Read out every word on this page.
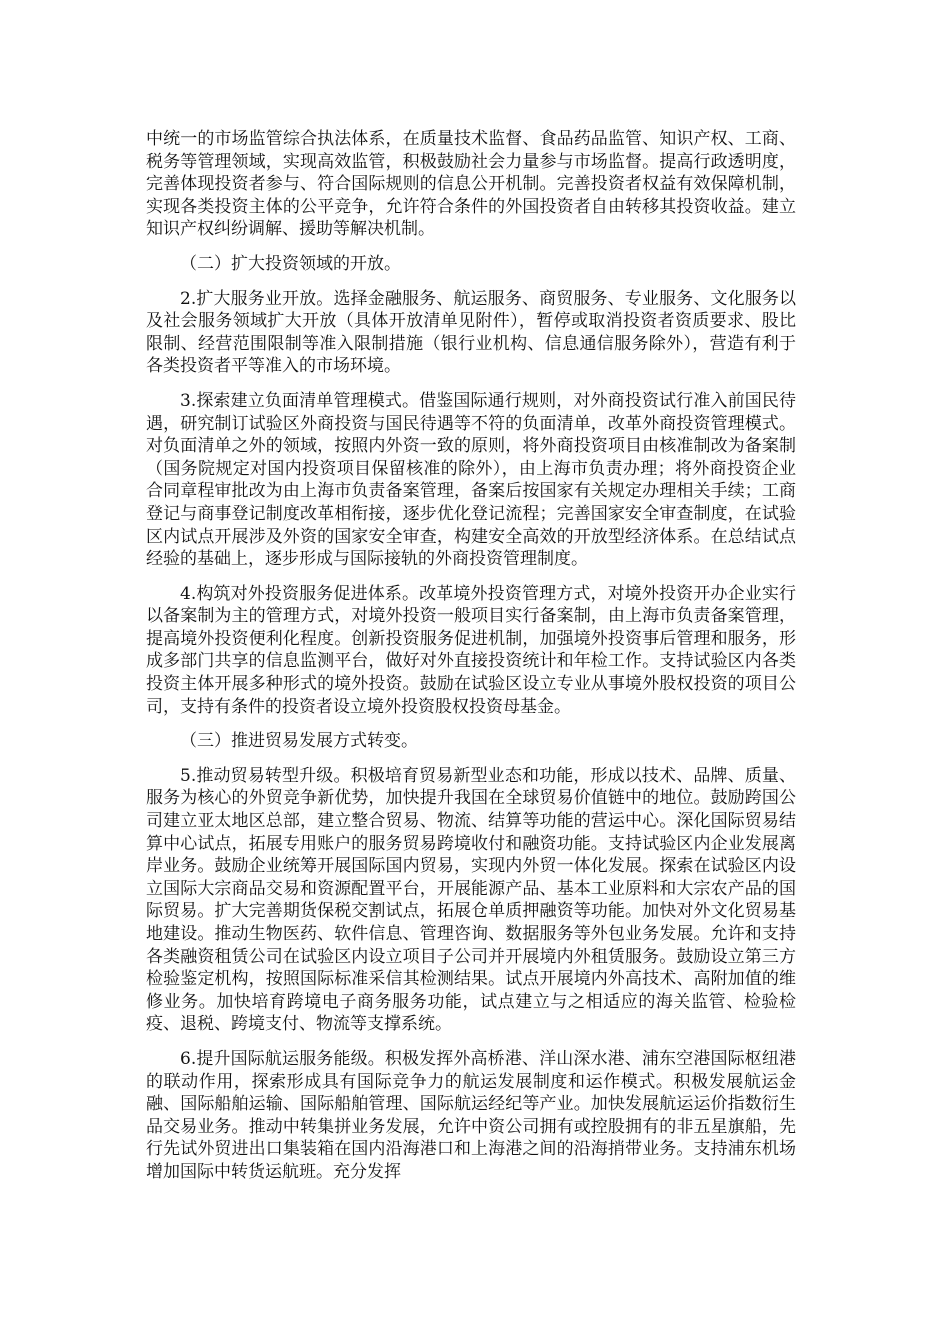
中统一的市场监管综合执法体系，在质量技术监督、食品药品监管、知识产权、工商、税务等管理领域，实现高效监管，积极鼓励社会力量参与市场监督。提高行政透明度，完善体现投资者参与、符合国际规则的信息公开机制。完善投资者权益有效保障机制，实现各类投资主体的公平竞争，允许符合条件的外国投资者自由转移其投资收益。建立知识产权纠纷调解、援助等解决机制。

（二）扩大投资领域的开放。

2.扩大服务业开放。选择金融服务、航运服务、商贸服务、专业服务、文化服务以及社会服务领域扩大开放（具体开放清单见附件），暂停或取消投资者资质要求、股比限制、经营范围限制等准入限制措施（银行业机构、信息通信服务除外），营造有利于各类投资者平等准入的市场环境。

3.探索建立负面清单管理模式。借鉴国际通行规则，对外商投资试行准入前国民待遇，研究制订试验区外商投资与国民待遇等不符的负面清单，改革外商投资管理模式。对负面清单之外的领域，按照内外资一致的原则，将外商投资项目由核准制改为备案制（国务院规定对国内投资项目保留核准的除外），由上海市负责办理；将外商投资企业合同章程审批改为由上海市负责备案管理，备案后按国家有关规定办理相关手续；工商登记与商事登记制度改革相衔接，逐步优化登记流程；完善国家安全审查制度，在试验区内试点开展涉及外资的国家安全审查，构建安全高效的开放型经济体系。在总结试点经验的基础上，逐步形成与国际接轨的外商投资管理制度。

4.构筑对外投资服务促进体系。改革境外投资管理方式，对境外投资开办企业实行以备案制为主的管理方式，对境外投资一般项目实行备案制，由上海市负责备案管理，提高境外投资便利化程度。创新投资服务促进机制，加强境外投资事后管理和服务，形成多部门共享的信息监测平台，做好对外直接投资统计和年检工作。支持试验区内各类投资主体开展多种形式的境外投资。鼓励在试验区设立专业从事境外股权投资的项目公司，支持有条件的投资者设立境外投资股权投资母基金。

（三）推进贸易发展方式转变。

5.推动贸易转型升级。积极培育贸易新型业态和功能，形成以技术、品牌、质量、服务为核心的外贸竞争新优势，加快提升我国在全球贸易价值链中的地位。鼓励跨国公司建立亚太地区总部，建立整合贸易、物流、结算等功能的营运中心。深化国际贸易结算中心试点，拓展专用账户的服务贸易跨境收付和融资功能。支持试验区内企业发展离岸业务。鼓励企业统筹开展国际国内贸易，实现内外贸一体化发展。探索在试验区内设立国际大宗商品交易和资源配置平台，开展能源产品、基本工业原料和大宗农产品的国际贸易。扩大完善期货保税交割试点，拓展仓单质押融资等功能。加快对外文化贸易基地建设。推动生物医药、软件信息、管理咨询、数据服务等外包业务发展。允许和支持各类融资租赁公司在试验区内设立项目子公司并开展境内外租赁服务。鼓励设立第三方检验鉴定机构，按照国际标准采信其检测结果。试点开展境内外高技术、高附加值的维修业务。加快培育跨境电子商务服务功能，试点建立与之相适应的海关监管、检验检疫、退税、跨境支付、物流等支撑系统。

6.提升国际航运服务能级。积极发挥外高桥港、洋山深水港、浦东空港国际枢纽港的联动作用，探索形成具有国际竞争力的航运发展制度和运作模式。积极发展航运金融、国际船舶运输、国际船舶管理、国际航运经纪等产业。加快发展航运运价指数衍生品交易业务。推动中转集拼业务发展，允许中资公司拥有或控股拥有的非五星旗船，先行先试外贸进出口集装箱在国内沿海港口和上海港之间的沿海捎带业务。支持浦东机场增加国际中转货运航班。充分发挥
